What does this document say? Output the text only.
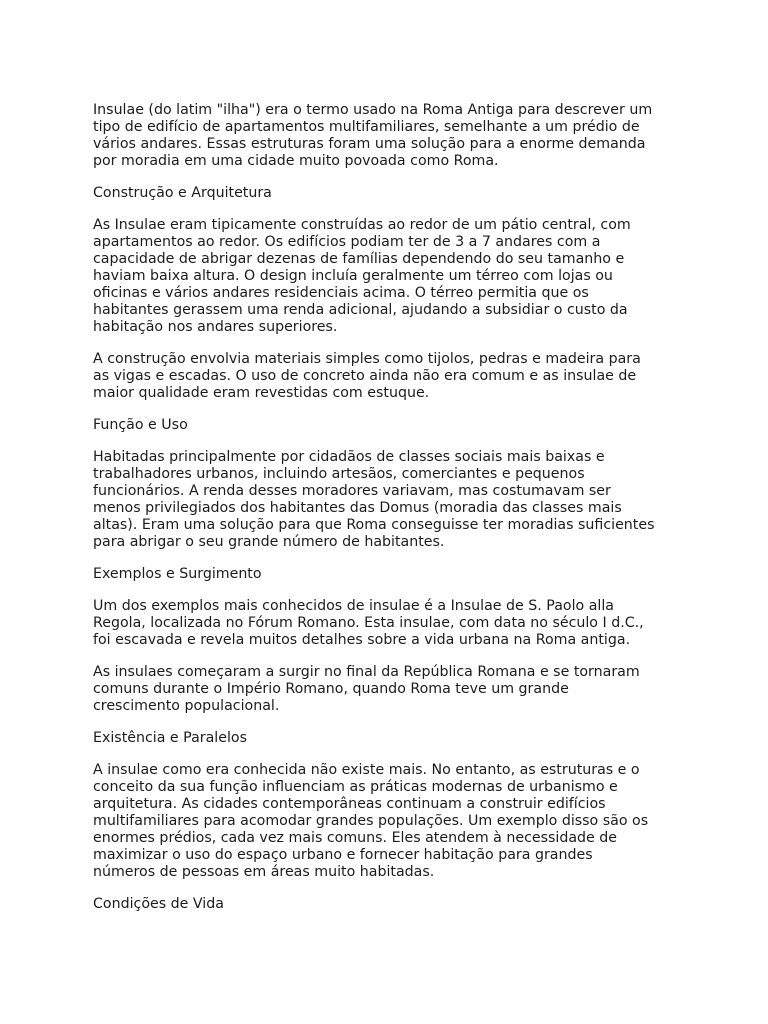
Insulae (do latim "ilha") era o termo usado na Roma Antiga para descrever um
tipo de edifício de apartamentos multifamiliares, semelhante a um prédio de
vários andares. Essas estruturas foram uma solução para a enorme demanda
por moradia em uma cidade muito povoada como Roma.

Construção e Arquitetura

As Insulae eram tipicamente construídas ao redor de um pátio central, com
apartamentos ao redor. Os edifícios podiam ter de 3 a 7 andares com a
capacidade de abrigar dezenas de famílias dependendo do seu tamanho e
haviam baixa altura. O design incluía geralmente um térreo com lojas ou
oficinas e vários andares residenciais acima. O térreo permitia que os
habitantes gerassem uma renda adicional, ajudando a subsidiar o custo da
habitação nos andares superiores.

A construção envolvia materiais simples como tijolos, pedras e madeira para
as vigas e escadas. O uso de concreto ainda não era comum e as insulae de
maior qualidade eram revestidas com estuque.

Função e Uso

Habitadas principalmente por cidadãos de classes sociais mais baixas e
trabalhadores urbanos, incluindo artesãos, comerciantes e pequenos
funcionários. A renda desses moradores variavam, mas costumavam ser
menos privilegiados dos habitantes das Domus (moradia das classes mais
altas). Eram uma solução para que Roma conseguisse ter moradias suficientes
para abrigar o seu grande número de habitantes.

Exemplos e Surgimento

Um dos exemplos mais conhecidos de insulae é a Insulae de S. Paolo alla
Regola, localizada no Fórum Romano. Esta insulae, com data no século I d.C.,
foi escavada e revela muitos detalhes sobre a vida urbana na Roma antiga.

As insulaes começaram a surgir no final da República Romana e se tornaram
comuns durante o Império Romano, quando Roma teve um grande
crescimento populacional.

Existência e Paralelos

A insulae como era conhecida não existe mais. No entanto, as estruturas e o
conceito da sua função influenciam as práticas modernas de urbanismo e
arquitetura. As cidades contemporâneas continuam a construir edifícios
multifamiliares para acomodar grandes populações. Um exemplo disso são os
enormes prédios, cada vez mais comuns. Eles atendem à necessidade de
maximizar o uso do espaço urbano e fornecer habitação para grandes
números de pessoas em áreas muito habitadas.

Condições de Vida
